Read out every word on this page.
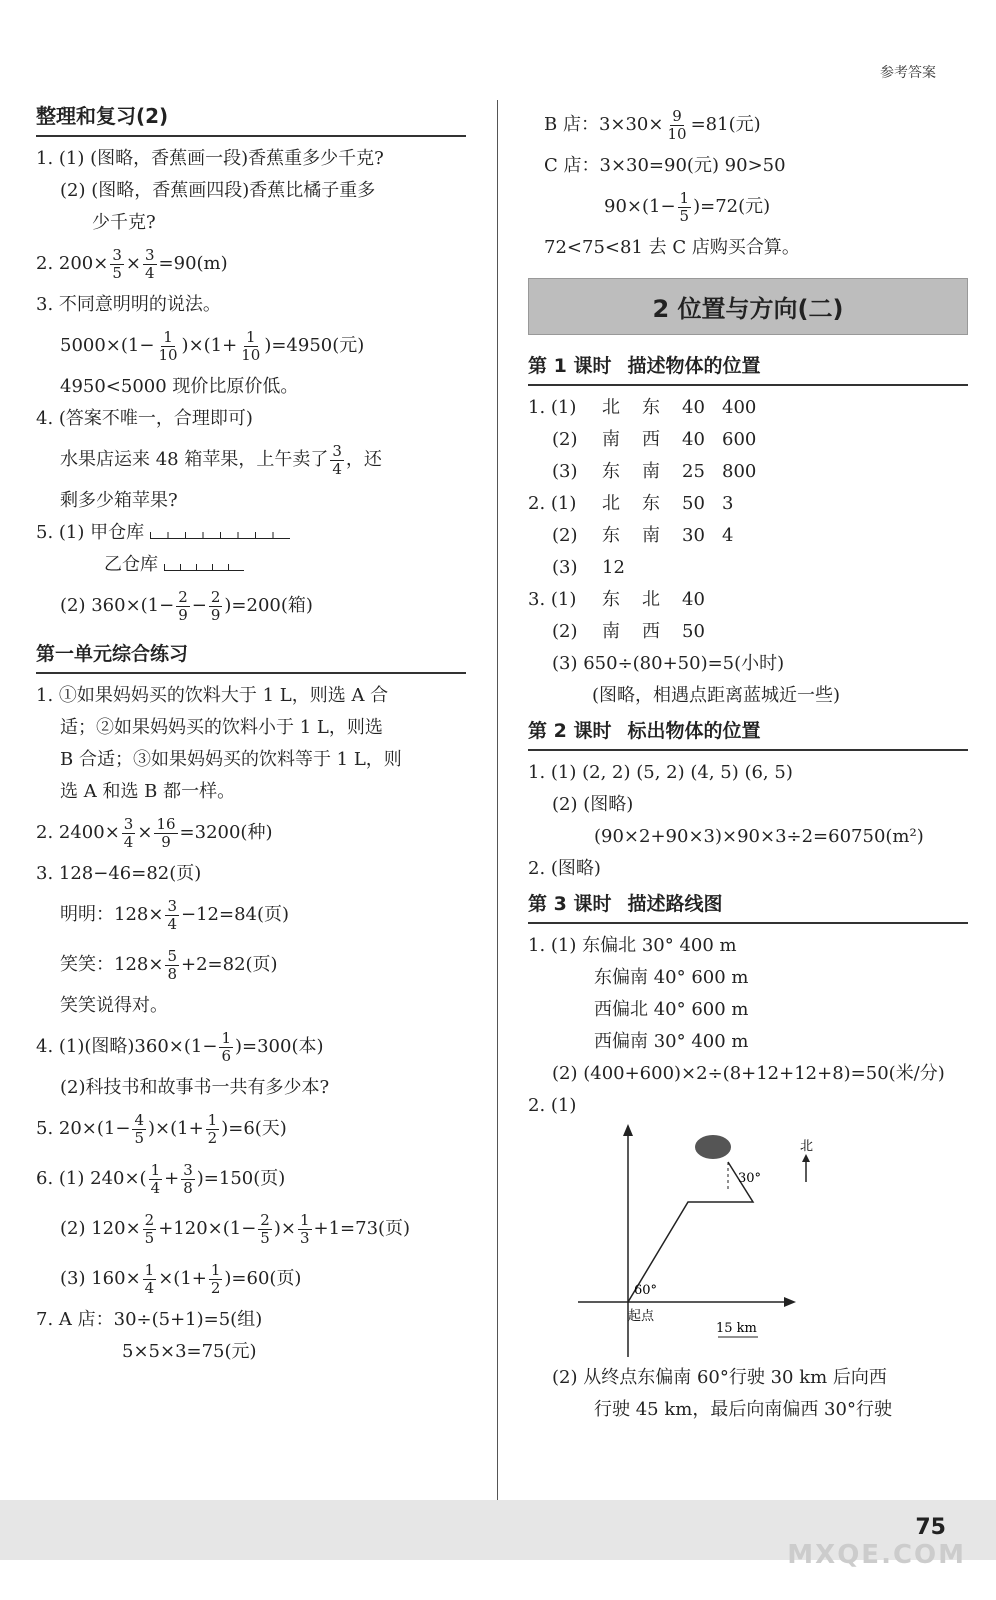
参考答案
整理和复习(2)
1. (1) (图略，香蕉画一段)香蕉重多少千克?
(2) (图略，香蕉画四段)香蕉比橘子重多
少千克?
2. $200\times \frac{3}{5} \times \frac{3}{4} =90(m)$
3. 不同意明明的说法。
$5000\times(1- \frac{1}{10} )\times(1+ \frac{1}{10} )=4950$(元)
4950<5000 现价比原价低。
4. (答案不唯一，合理即可)
水果店运来 48 箱苹果，上午卖了 $\frac{3}{4}$ ，还
剩多少箱苹果?
5. (1) 甲仓库
乙仓库
(2) $360\times(1- \frac{2}{9} - \frac{2}{9} )=200$(箱)
第一单元综合练习
1. ①如果妈妈买的饮料大于 1 L，则选 A 合
适；②如果妈妈买的饮料小于 1 L，则选
B 合适；③如果妈妈买的饮料等于 1 L，则
选 A 和选 B 都一样。
2. $2400\times \frac{3}{4} \times \frac{16}{9} =3200$(种)
3. 128−46=82(页)
明明：$128\times \frac{3}{4} -12=84$(页)
笑笑：$128\times \frac{5}{8} +2=82$(页)
笑笑说得对。
4. (1)(图略)$360\times(1- \frac{1}{6} )=300$(本)
(2)科技书和故事书一共有多少本?
5. $20\times(1- \frac{4}{5} )\times(1+ \frac{1}{2} )=6$(天)
6. (1) $240\times( \frac{1}{4} + \frac{3}{8} )=150$(页)
(2) $120\times \frac{2}{5} +120\times(1- \frac{2}{5}$ )× $\frac{1}{3} +1=73$(页)
(3) $160\times \frac{1}{4} \times(1+ \frac{1}{2} )=60$(页)
7. A 店：30÷(5+1)=5(组)
5×5×3=75(元)
B 店：$3\times 30\times \frac{9}{10} =81$(元)
C 店：3×30=90(元) 90>50
$90\times(1- \frac{1}{5} )=72$(元)
72<75<81 去 C 店购买合算。
2 位置与方向(二)
第 1 课时 描述物体的位置
1. (1) 北 东 40 400
(2) 南 西 40 600
(3) 东 南 25 800
2. (1) 北 东 50 3
(2) 东 南 30 4
(3) 12
3. (1) 东 北 40
(2) 南 西 50
(3) 650÷(80+50)=5(小时)
(图略，相遇点距离蓝城近一些)
第 2 课时 标出物体的位置
1. (1) (2, 2) (5, 2) (4, 5) (6, 5)
(2) (图略)
(90×2+90×3)×90×3÷2=60750(m²)
2. (图略)
第 3 课时 描述路线图
1. (1) 东偏北 30° 400 m
东偏南 40° 600 m
西偏北 40° 600 m
西偏南 30° 400 m
(2) (400+600)×2÷(8+12+12+8)=50(米/分)
2. (1)
30°
60°
起点
15 km
北
(2) 从终点东偏南 60°行驶 30 km 后向西
行驶 45 km，最后向南偏西 30°行驶
75
MXQE.COM
